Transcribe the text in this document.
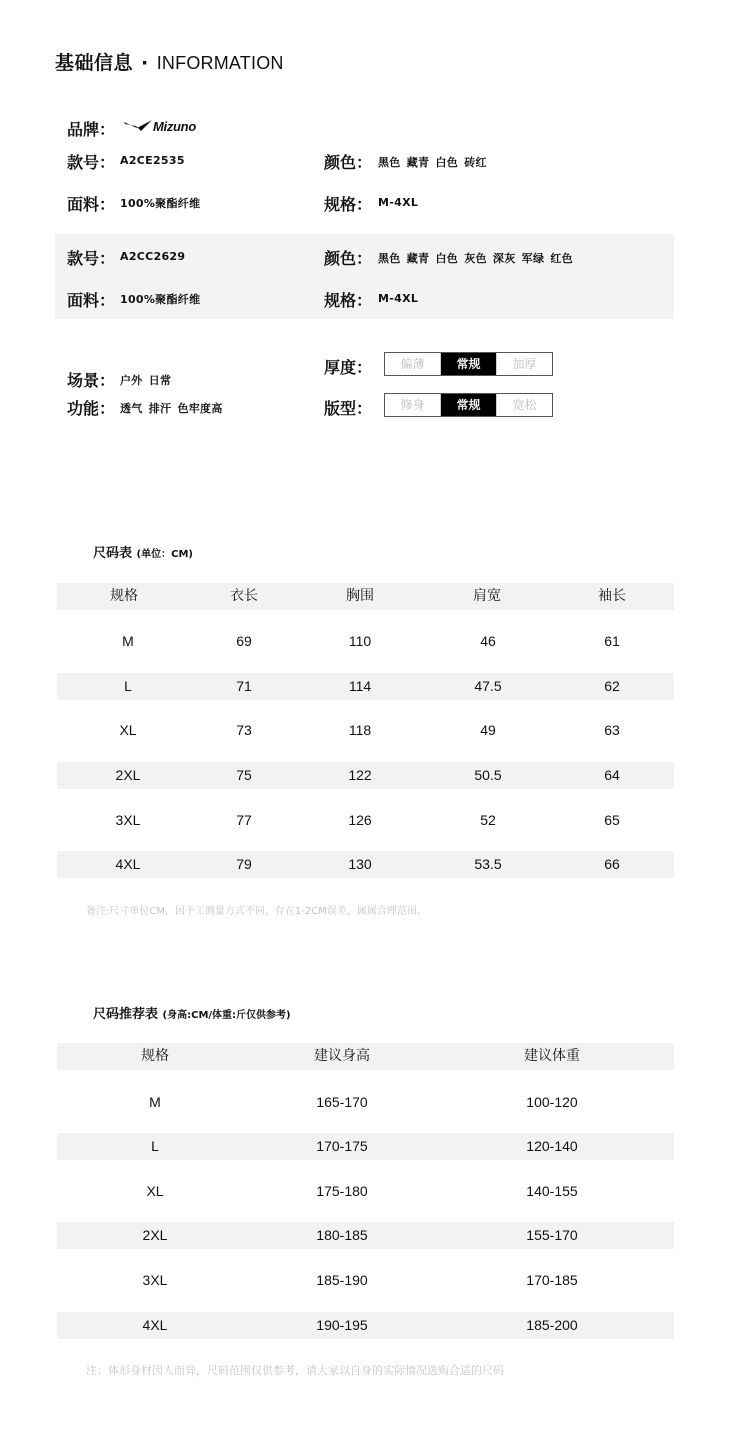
基础信息 · INFORMATION
品牌：	Mizuno
款号： A2CE2535	颜色： 黑色 藏青 白色 砖红
面料： 100%聚酯纤维	规格： M-4XL
款号： A2CC2629	颜色： 黑色 藏青 白色 灰色 深灰 军绿 红色
面料： 100%聚酯纤维	规格： M-4XL
场景： 户外 日常
功能： 透气 排汗 色牢度高
厚度：	偏薄	常规	加厚
版型：	修身	常规	宽松
尺码表 (单位：CM)
规格	衣长	胸围	肩宽	袖长
M	69	110	46	61
L	71	114	47.5	62
XL	73	118	49	63
2XL	75	122	50.5	64
3XL	77	126	52	65
4XL	79	130	53.5	66
备注:尺寸单位CM，因手工测量方式不同，存在1-2CM误差，属属合理范围。
尺码推荐表 (身高:CM/体重:斤仅供参考)
规格	建议身高	建议体重
M	165-170	100-120
L	170-175	120-140
XL	175-180	140-155
2XL	180-185	155-170
3XL	185-190	170-185
4XL	190-195	185-200
注：体形身材因人而异，尺码范围仅供参考，请大家以自身的实际情况选购合适的尺码
